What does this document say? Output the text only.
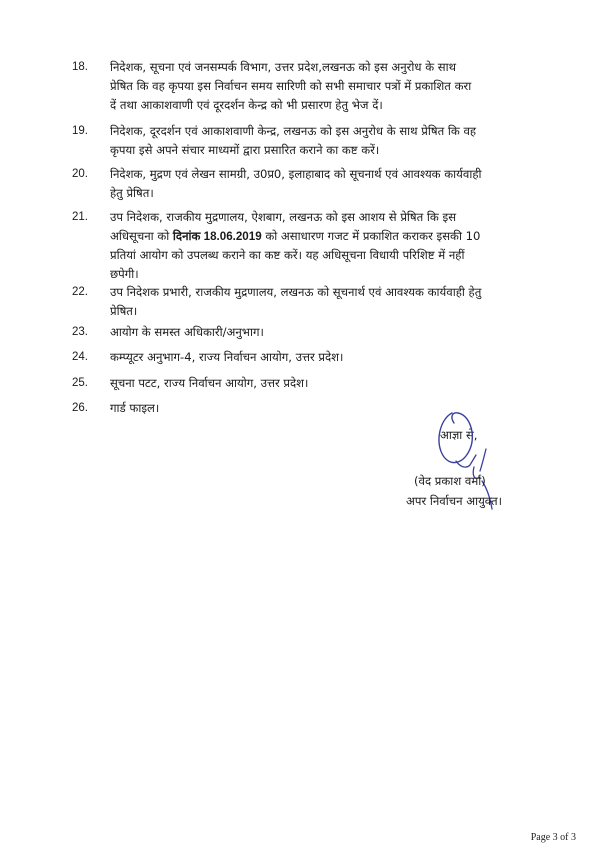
18.	निदेशक, सूचना एवं जनसम्पर्क विभाग, उत्तर प्रदेश,लखनऊ को इस अनुरोध के साथ
प्रेषित कि वह कृपया इस निर्वाचन समय सारिणी को सभी समाचार पत्रों में प्रकाशित करा
दें तथा आकाशवाणी एवं दूरदर्शन केन्द्र को भी प्रसारण हेतु भेज दें।
19.	निदेशक, दूरदर्शन एवं आकाशवाणी केन्द्र, लखनऊ को इस अनुरोध के साथ प्रेषित कि वह
कृपया इसे अपने संचार माध्यमों द्वारा प्रसारित कराने का कष्ट करें।
20.	निदेशक, मुद्रण एवं लेखन सामग्री, उ0प्र0, इलाहाबाद को सूचनार्थ एवं आवश्यक कार्यवाही
हेतु प्रेषित।
21.	उप निदेशक, राजकीय मुद्रणालय, ऐशबाग, लखनऊ को इस आशय से प्रेषित कि इस
अधिसूचना को दिनांक 18.06.2019 को असाधारण गजट में प्रकाशित कराकर इसकी 10
प्रतियां आयोग को उपलब्ध कराने का कष्ट करें। यह अधिसूचना विधायी परिशिष्ट में नहीं
छपेगी।
22.	उप निदेशक प्रभारी, राजकीय मुद्रणालय, लखनऊ को सूचनार्थ एवं आवश्यक कार्यवाही हेतु
प्रेषित।
23.	आयोग के समस्त अधिकारी/अनुभाग।
24.	कम्प्यूटर अनुभाग-4, राज्य निर्वाचन आयोग, उत्तर प्रदेश।
25.	सूचना पटट, राज्य निर्वाचन आयोग, उत्तर प्रदेश।
26.	गार्ड फाइल।
आज्ञा से,
(वेद प्रकाश वर्मा)
अपर निर्वाचन आयुक्त।
Page 3 of 3
